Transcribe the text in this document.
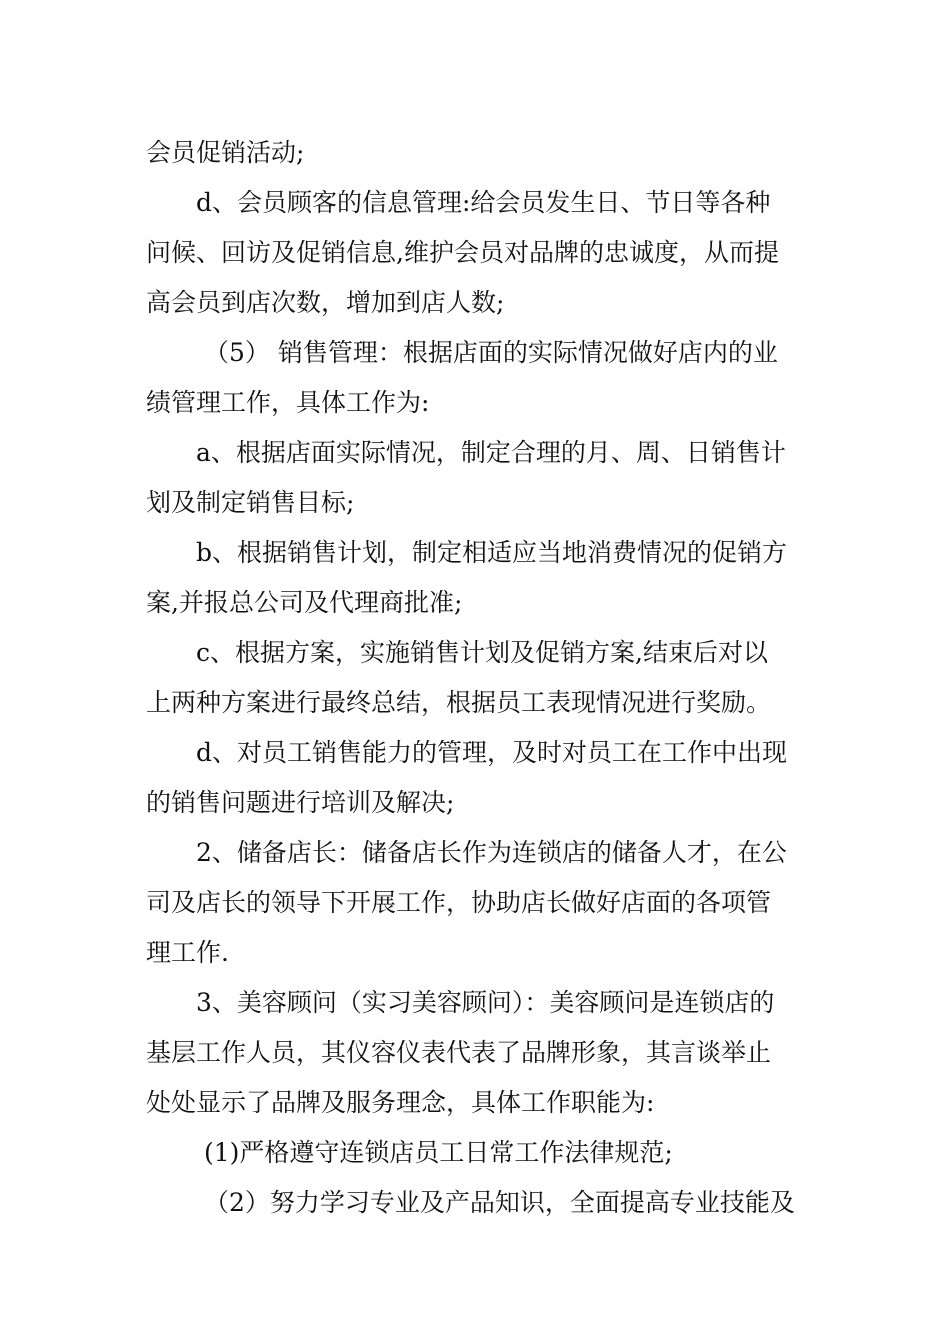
会员促销活动;
d、会员顾客的信息管理:给会员发生日、节日等各种
问候、回访及促销信息,维护会员对品牌的忠诚度，从而提
高会员到店次数，增加到店人数;
（5） 销售管理：根据店面的实际情况做好店内的业
绩管理工作，具体工作为:
a、根据店面实际情况，制定合理的月、周、日销售计
划及制定销售目标;
b、根据销售计划，制定相适应当地消费情况的促销方
案,并报总公司及代理商批准;
c、根据方案，实施销售计划及促销方案,结束后对以
上两种方案进行最终总结，根据员工表现情况进行奖励。
d、对员工销售能力的管理，及时对员工在工作中出现
的销售问题进行培训及解决;
2、储备店长：储备店长作为连锁店的储备人才，在公
司及店长的领导下开展工作，协助店长做好店面的各项管
理工作.
3、美容顾问（实习美容顾问）：美容顾问是连锁店的
基层工作人员，其仪容仪表代表了品牌形象，其言谈举止
处处显示了品牌及服务理念，具体工作职能为:
(1)严格遵守连锁店员工日常工作法律规范;
（2）努力学习专业及产品知识，全面提高专业技能及
